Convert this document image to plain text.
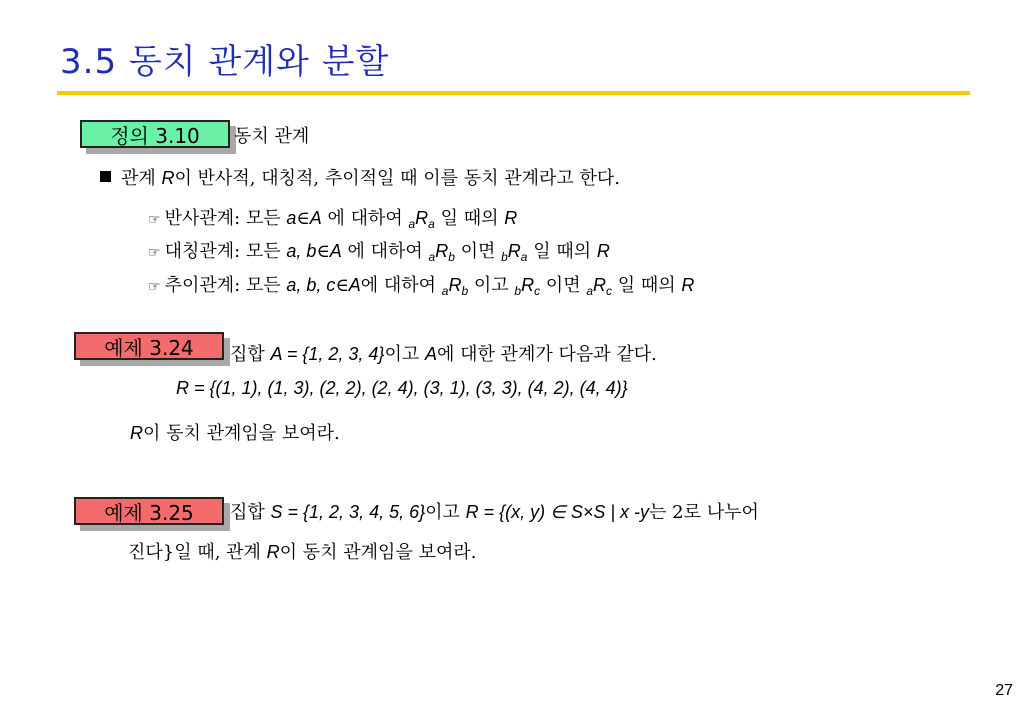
3.5 동치 관계와 분할
정의 3.10	동치 관계
관계 R이 반사적, 대칭적, 추이적일 때 이를 동치 관계라고 한다.
☞ 반사관계: 모든 a∈A 에 대하여 $_aR_a$ 일 때의 R
☞ 대칭관계: 모든 a, b∈A 에 대하여 $_aR_b$ 이면 $_bR_a$ 일 때의 R
☞ 추이관계: 모든 a, b, c∈A에 대하여 $_aR_b$ 이고 $_bR_c$ 이면 $_aR_c$ 일 때의 R
예제 3.24	집합 A = {1, 2, 3, 4}이고 A에 대한 관계가 다음과 같다.
R = {(1, 1), (1, 3), (2, 2), (2, 4), (3, 1), (3, 3), (4, 2), (4, 4)}
R이 동치 관계임을 보여라.
예제 3.25	집합 S = {1, 2, 3, 4, 5, 6}이고 R = {(x, y) ∈ S×S | x -y는 2로 나누어
진다}일 때, 관계 R이 동치 관계임을 보여라.
27
